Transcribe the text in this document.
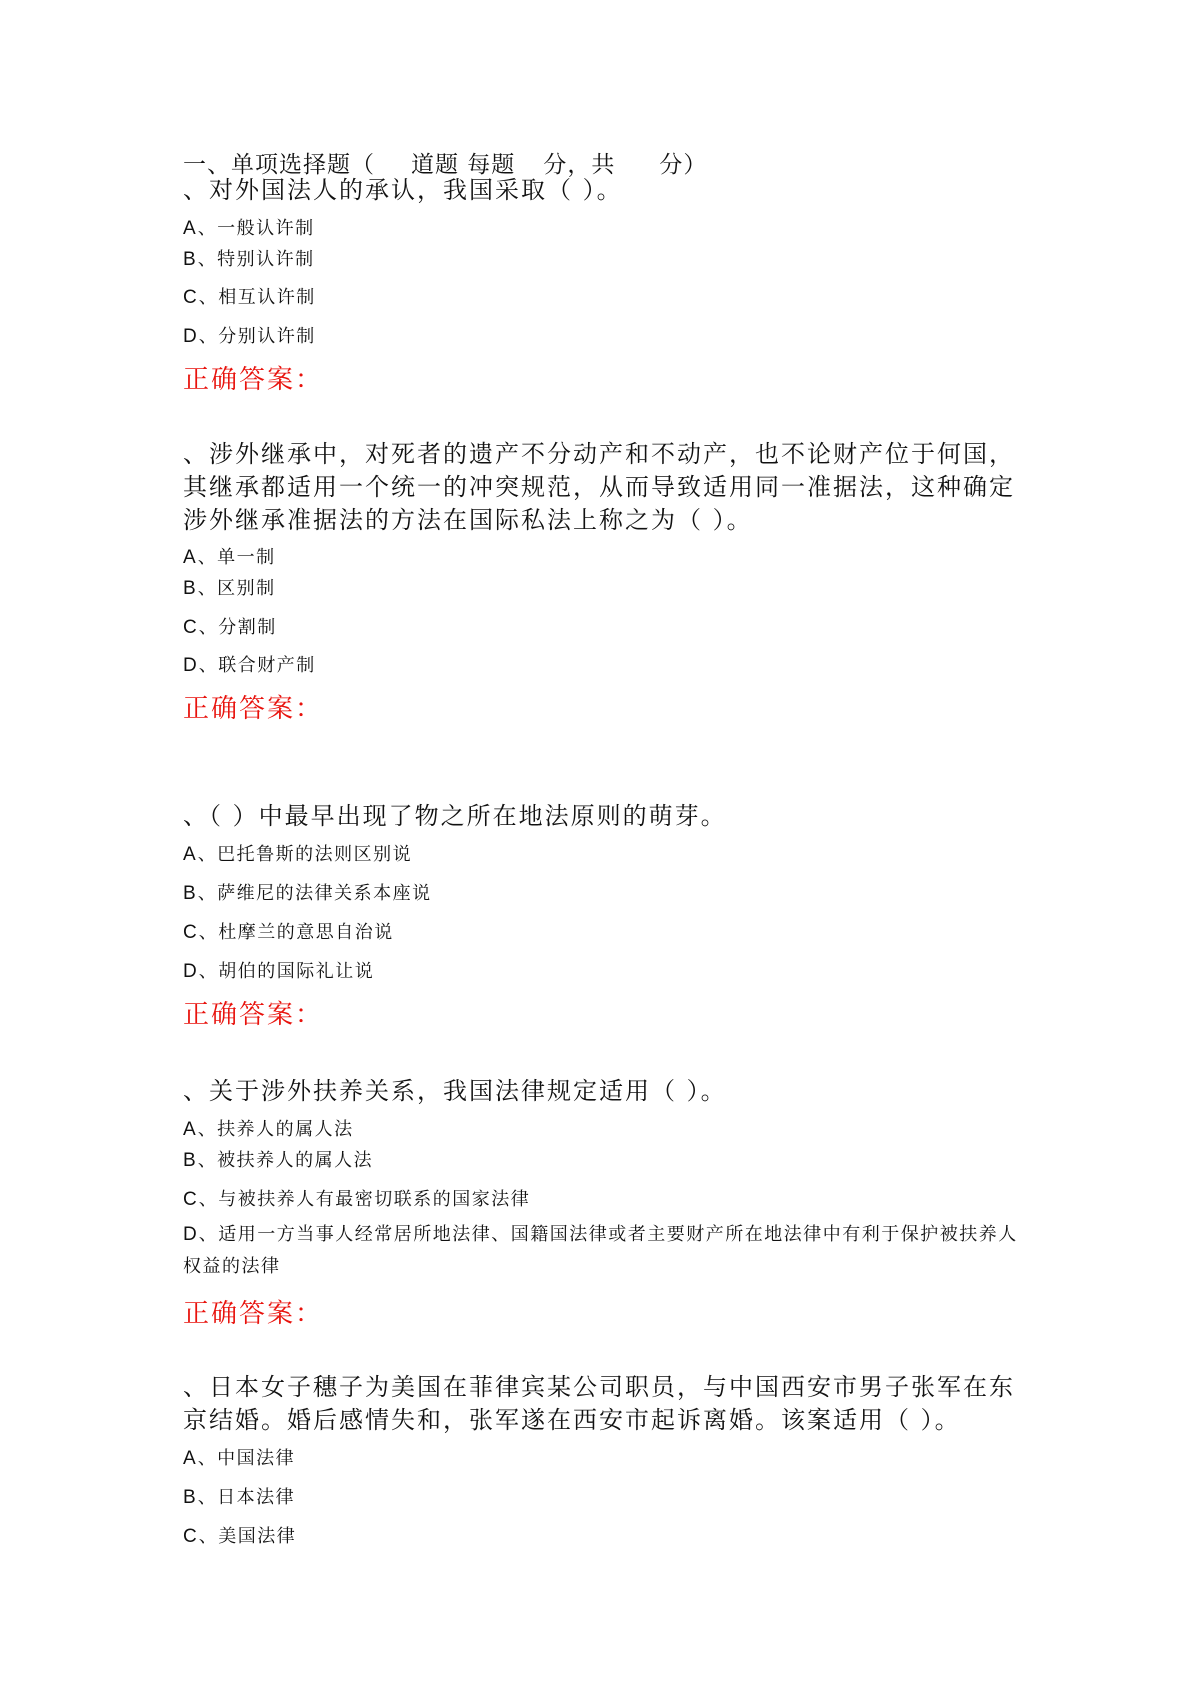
一、单项选择题（ 道题 每题 分，共 分）

、对外国法人的承认，我国采取（ ）。

A 、一般认许制

B 、特别认许制

C 、相互认许制

D 、分别认许制

正确答案：

、涉外继承中，对死者的遗产不分动产和不动产，也不论财产位于何国，其继承都适用一个统一的冲突规范，从而导致适用同一准据法，这种确定涉外继承准据法的方法在国际私法上称之为（ ）。

A 、单一制

B 、区别制

C 、分割制

D 、联合财产制

正确答案：

、（ ）中最早出现了物之所在地法原则的萌芽。

A 、巴托鲁斯的法则区别说

B 、萨维尼的法律关系本座说

C 、杜摩兰的意思自治说

D 、胡伯的国际礼让说

正确答案：

、关于涉外扶养关系，我国法律规定适用（ ）。

A 、扶养人的属人法

B 、被扶养人的属人法

C 、与被扶养人有最密切联系的国家法律

D 、适用一方当事人经常居所地法律、国籍国法律或者主要财产所在地法律中有利于保护被扶养人权益的法律

正确答案：

、日本女子穗子为美国在菲律宾某公司职员，与中国西安市男子张军在东京结婚。婚后感情失和，张军遂在西安市起诉离婚。该案适用（ ）。

A 、中国法律

B 、日本法律

C 、美国法律
